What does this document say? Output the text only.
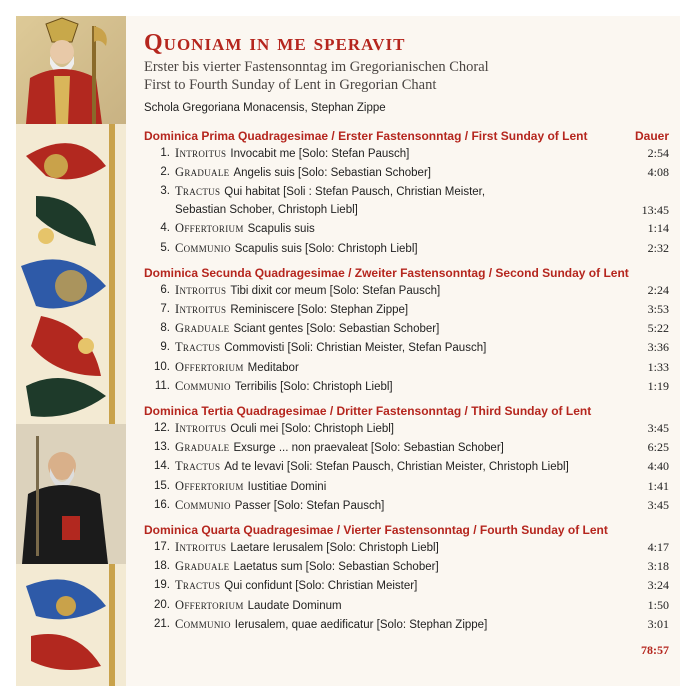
Quoniam in me speravit
Erster bis vierter Fastensonntag im Gregorianischen Choral
First to Fourth Sunday of Lent in Gregorian Chant
Schola Gregoriana Monacensis, Stephan Zippe
Dominica Prima Quadragesimae / Erster Fastensonntag / First Sunday of Lent	Dauer
1. Introitus Invocabit me [Solo: Stefan Pausch]	2:54
2. Graduale Angelis suis [Solo: Sebastian Schober]	4:08
3. Tractus Qui habitat [Soli : Stefan Pausch, Christian Meister,
Sebastian Schober, Christoph Liebl]	13:45
4. Offertorium Scapulis suis	1:14
5. Communio Scapulis suis [Solo: Christoph Liebl]	2:32
Dominica Secunda Quadragesimae / Zweiter Fastensonntag / Second Sunday of Lent
6. Introitus Tibi dixit cor meum [Solo: Stefan Pausch]	2:24
7. Introitus Reminiscere [Solo: Stephan Zippe]	3:53
8. Graduale Sciant gentes [Solo: Sebastian Schober]	5:22
9. Tractus Commovisti [Soli: Christian Meister, Stefan Pausch]	3:36
10. Offertorium Meditabor	1:33
11. Communio Terribilis [Solo: Christoph Liebl]	1:19
Dominica Tertia Quadragesimae / Dritter Fastensonntag / Third Sunday of Lent
12. Introitus Oculi mei [Solo: Christoph Liebl]	3:45
13. Graduale Exsurge ... non praevaleat [Solo: Sebastian Schober]	6:25
14. Tractus Ad te levavi [Soli: Stefan Pausch, Christian Meister, Christoph Liebl]	4:40
15. Offertorium Iustitiae Domini	1:41
16. Communio Passer [Solo: Stefan Pausch]	3:45
Dominica Quarta Quadragesimae / Vierter Fastensonntag / Fourth Sunday of Lent
17. Introitus Laetare Ierusalem [Solo: Christoph Liebl]	4:17
18. Graduale Laetatus sum [Solo: Sebastian Schober]	3:18
19. Tractus Qui confidunt [Solo: Christian Meister]	3:24
20. Offertorium Laudate Dominum	1:50
21. Communio Ierusalem, quae aedificatur [Solo: Stephan Zippe]	3:01
78:57
